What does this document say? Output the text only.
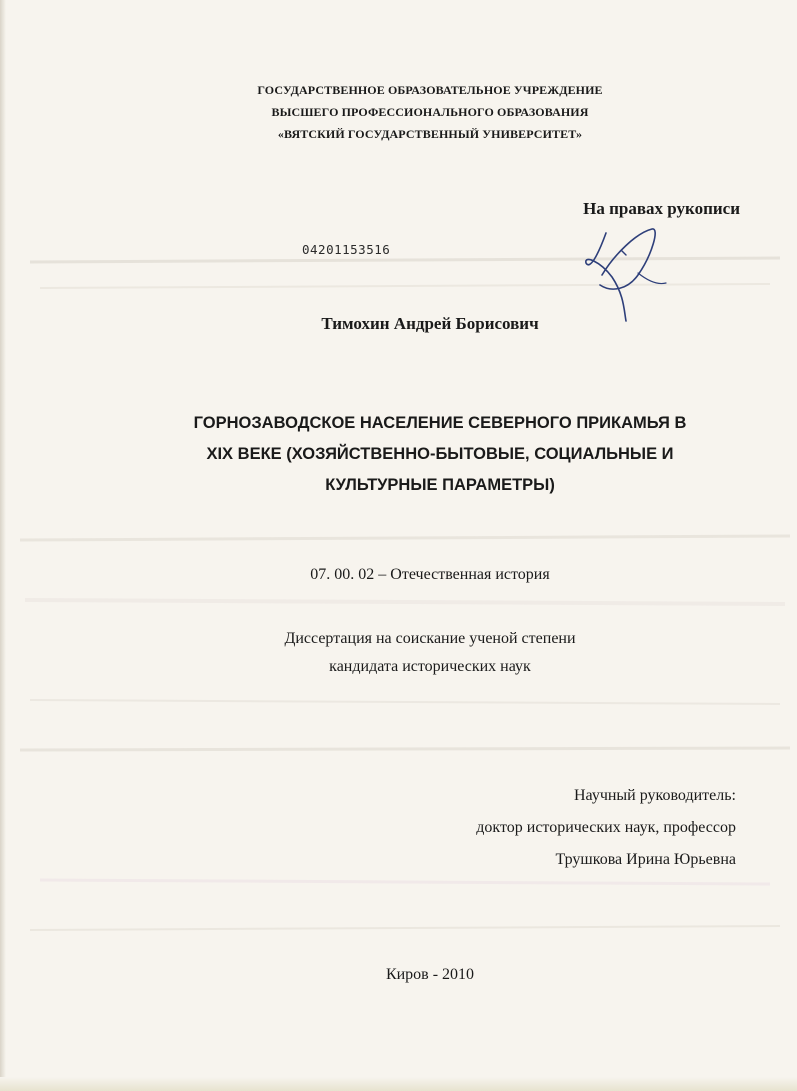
ГОСУДАРСТВЕННОЕ ОБРАЗОВАТЕЛЬНОЕ УЧРЕЖДЕНИЕ
ВЫСШЕГО ПРОФЕССИОНАЛЬНОГО ОБРАЗОВАНИЯ
«ВЯТСКИЙ ГОСУДАРСТВЕННЫЙ УНИВЕРСИТЕТ»
На правах рукописи
04201153516
Тимохин Андрей Борисович
ГОРНОЗАВОДСКОЕ НАСЕЛЕНИЕ СЕВЕРНОГО ПРИКАМЬЯ В
XIX ВЕКЕ (ХОЗЯЙСТВЕННО-БЫТОВЫЕ, СОЦИАЛЬНЫЕ И
КУЛЬТУРНЫЕ ПАРАМЕТРЫ)
07. 00. 02 – Отечественная история
Диссертация на соискание ученой степени
кандидата исторических наук
Научный руководитель:
доктор исторических наук, профессор
Трушкова Ирина Юрьевна
Киров - 2010
